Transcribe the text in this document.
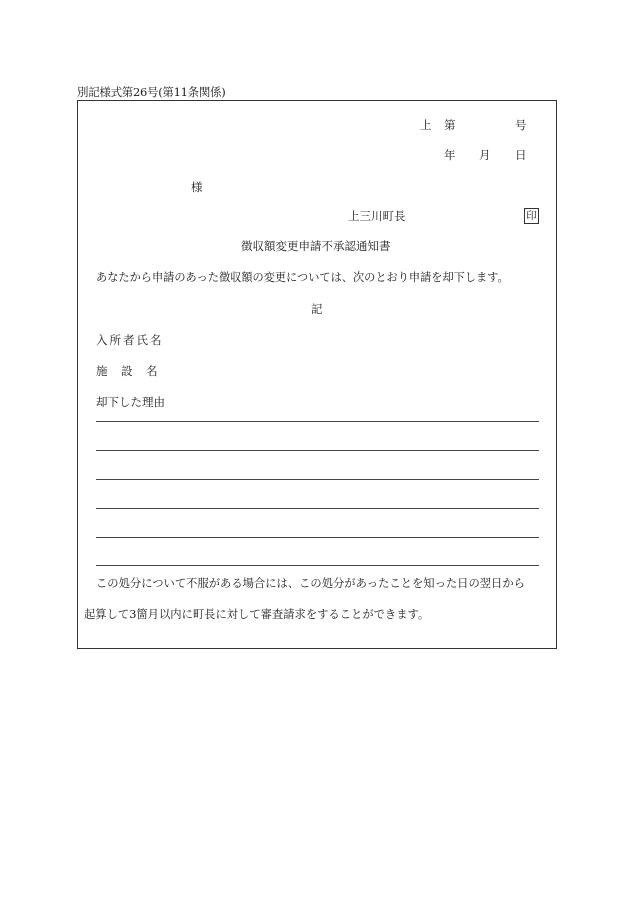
別記様式第26号(第11条関係)
上 第	号
年 月 日
様
上三川町長	印
徴収額変更申請不承認通知書
あなたから申請のあった徴収額の変更については、次のとおり申請を却下します。
記
入所者氏名
施　設　名
却下した理由
この処分について不服がある場合には、この処分があったことを知った日の翌日から
起算して3箇月以内に町長に対して審査請求をすることができます。
